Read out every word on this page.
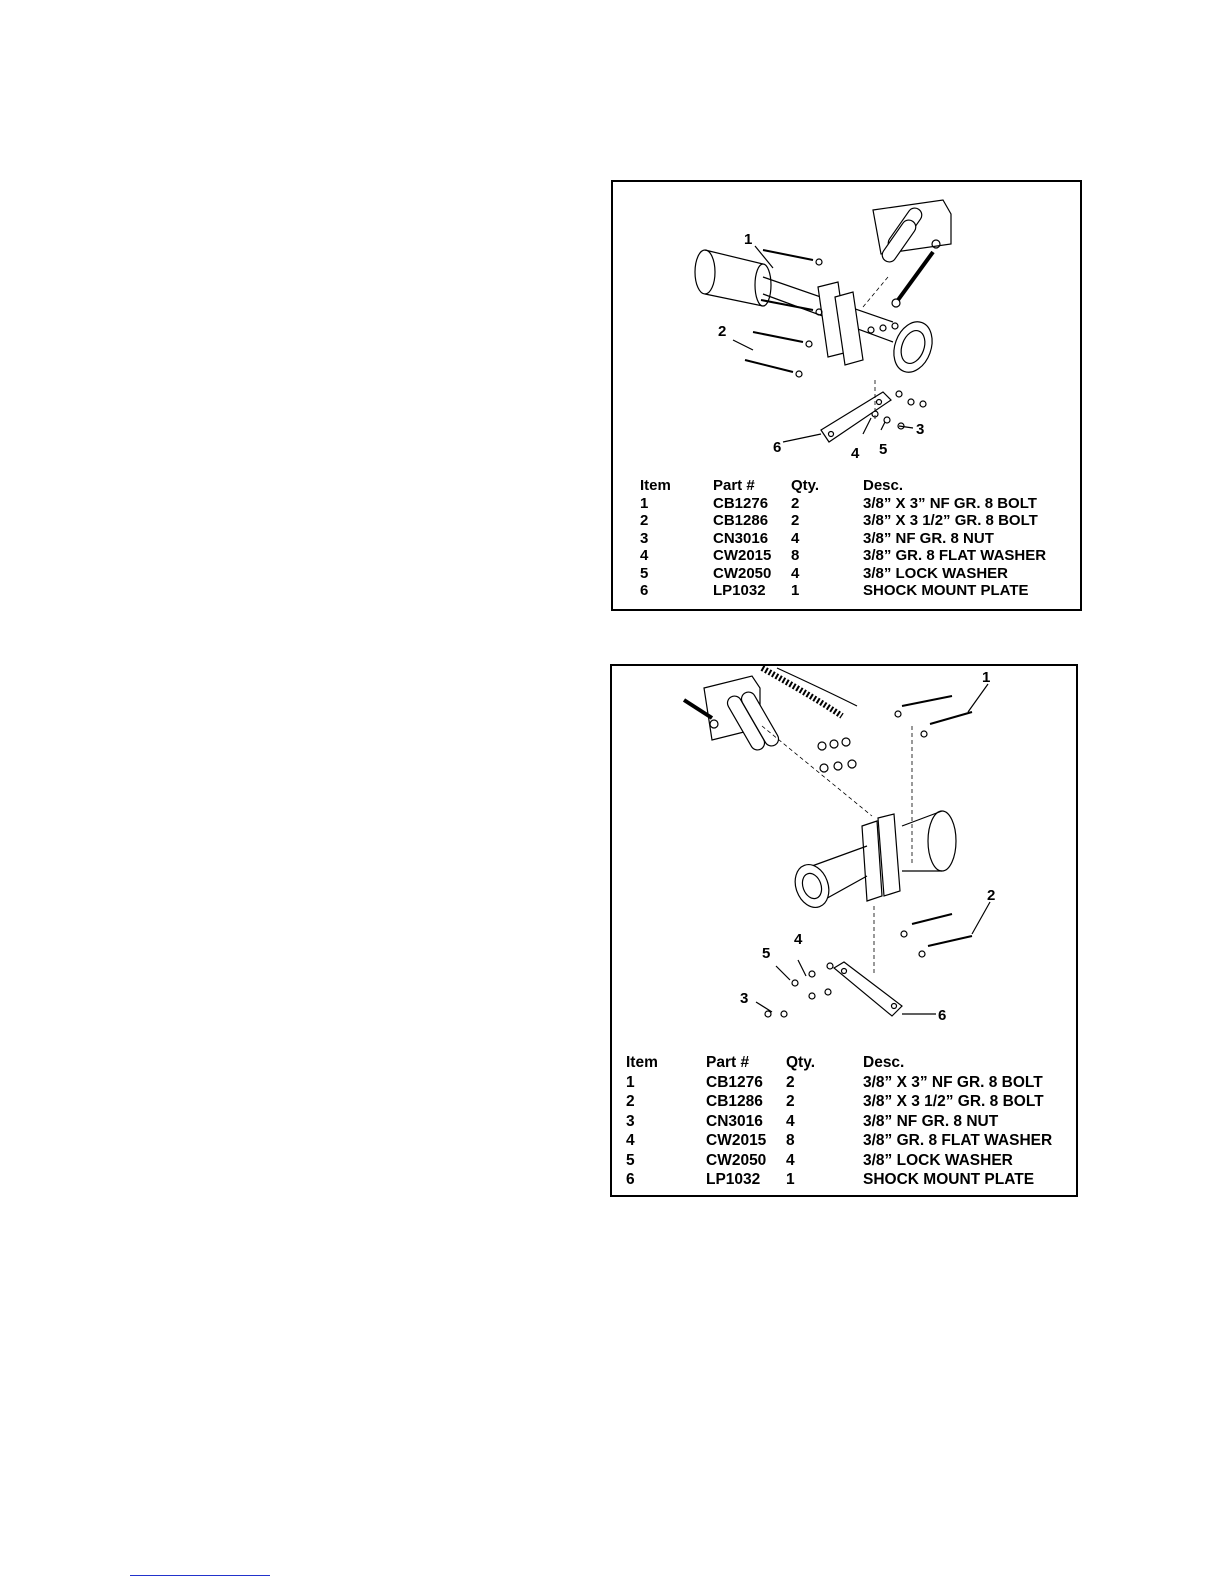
1
2
3
4 5
6
Item	Part #	Qty.	Desc.
1	CB1276	2	3/8” X 3” NF GR. 8 BOLT
2	CB1286	2	3/8” X 3 1/2” GR. 8 BOLT
3	CN3016	4	3/8” NF GR. 8 NUT
4	CW2015	8	3/8” GR. 8 FLAT WASHER
5	CW2050	4	3/8” LOCK WASHER
6	LP1032	1	SHOCK MOUNT PLATE
1
2
3
4
5
6
Item	Part #	Qty.	Desc.
1	CB1276	2	3/8” X 3” NF GR. 8 BOLT
2	CB1286	2	3/8” X 3 1/2” GR. 8 BOLT
3	CN3016	4	3/8” NF GR. 8 NUT
4	CW2015	8	3/8” GR. 8 FLAT WASHER
5	CW2050	4	3/8” LOCK WASHER
6	LP1032	1	SHOCK MOUNT PLATE
